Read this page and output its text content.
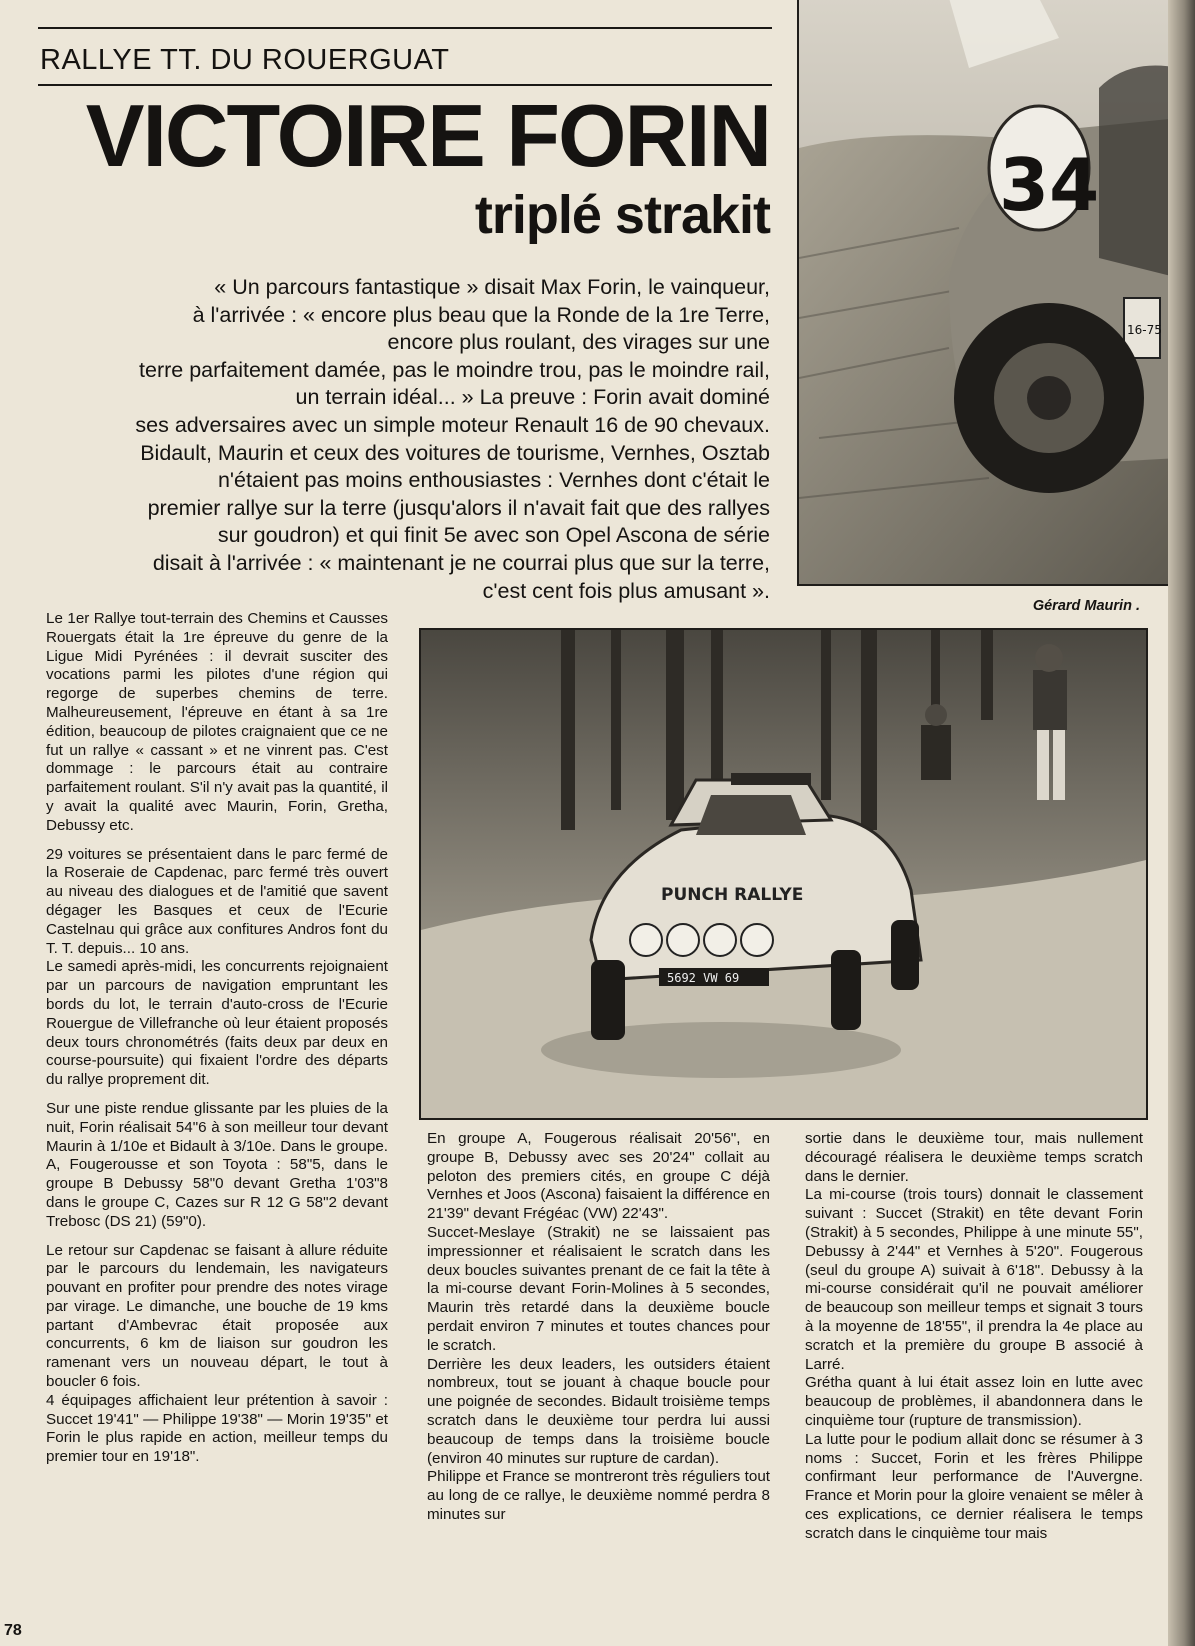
RALLYE TT. DU ROUERGUAT
VICTOIRE FORIN
triplé strakit
« Un parcours fantastique » disait Max Forin, le vainqueur,
à l'arrivée : « encore plus beau que la Ronde de la 1re Terre,
encore plus roulant, des virages sur une
terre parfaitement damée, pas le moindre trou, pas le moindre rail,
un terrain idéal... » La preuve : Forin avait dominé
ses adversaires avec un simple moteur Renault 16 de 90 chevaux.
Bidault, Maurin et ceux des voitures de tourisme, Vernhes, Osztab
n'étaient pas moins enthousiastes : Vernhes dont c'était le
premier rallye sur la terre (jusqu'alors il n'avait fait que des rallyes
sur goudron) et qui finit 5e avec son Opel Ascona de série
disait à l'arrivée : « maintenant je ne courrai plus que sur la terre,
c'est cent fois plus amusant ».
34
16-75
Gérard Maurin .
PUNCH RALLYE
5692 VW 69

Le 1er Rallye tout-terrain des Chemins et Causses Rouergats était la 1re épreuve du genre de la Ligue Midi Pyrénées : il devrait susciter des vocations parmi les pilotes d'une région qui regorge de superbes chemins de terre. Malheureusement, l'épreuve en étant à sa 1re édition, beaucoup de pilotes craignaient que ce ne fut un rallye « cassant » et ne vinrent pas. C'est dommage : le parcours était au contraire parfaitement roulant. S'il n'y avait pas la quantité, il y avait la qualité avec Maurin, Forin, Gretha, Debussy etc.

29 voitures se présentaient dans le parc fermé de la Roseraie de Capdenac, parc fermé très ouvert au niveau des dialogues et de l'amitié que savent dégager les Basques et ceux de l'Ecurie Castelnau qui grâce aux confitures Andros font du T. T. depuis... 10 ans.

Le samedi après-midi, les concurrents rejoignaient par un parcours de navigation empruntant les bords du lot, le terrain d'auto-cross de l'Ecurie Rouergue de Villefranche où leur étaient proposés deux tours chronométrés (faits deux par deux en course-poursuite) qui fixaient l'ordre des départs du rallye proprement dit.

Sur une piste rendue glissante par les pluies de la nuit, Forin réalisait 54"6 à son meilleur tour devant Maurin à 1/10e et Bidault à 3/10e. Dans le groupe. A, Fougerousse et son Toyota : 58"5, dans le groupe B Debussy 58"0 devant Gretha 1'03"8 dans le groupe C, Cazes sur R 12 G 58"2 devant Trebosc (DS 21) (59"0).

Le retour sur Capdenac se faisant à allure réduite par le parcours du lendemain, les navigateurs pouvant en profiter pour prendre des notes virage par virage. Le dimanche, une bouche de 19 kms partant d'Ambevrac était proposée aux concurrents, 6 km de liaison sur goudron les ramenant vers un nouveau départ, le tout à boucler 6 fois.

4 équipages affichaient leur prétention à savoir : Succet 19'41" — Philippe 19'38" — Morin 19'35" et Forin le plus rapide en action, meilleur temps du premier tour en 19'18".

En groupe A, Fougerous réalisait 20'56", en groupe B, Debussy avec ses 20'24" collait au peloton des premiers cités, en groupe C déjà Vernhes et Joos (Ascona) faisaient la différence en 21'39" devant Frégéac (VW) 22'43".

Succet-Meslaye (Strakit) ne se laissaient pas impressionner et réalisaient le scratch dans les deux boucles suivantes prenant de ce fait la tête à la mi-course devant Forin-Molines à 5 secondes, Maurin très retardé dans la deuxième boucle perdait environ 7 minutes et toutes chances pour le scratch.

Derrière les deux leaders, les outsiders étaient nombreux, tout se jouant à chaque boucle pour une poignée de secondes. Bidault troisième temps scratch dans le deuxième tour perdra lui aussi beaucoup de temps dans la troisième boucle (environ 40 minutes sur rupture de cardan).

Philippe et France se montreront très réguliers tout au long de ce rallye, le deuxième nommé perdra 8 minutes sur

sortie dans le deuxième tour, mais nullement découragé réalisera le deuxième temps scratch dans le dernier.

La mi-course (trois tours) donnait le classement suivant : Succet (Strakit) en tête devant Forin (Strakit) à 5 secondes, Philippe à une minute 55", Debussy à 2'44" et Vernhes à 5'20". Fougerous (seul du groupe A) suivait à 6'18". Debussy à la mi-course considérait qu'il ne pouvait améliorer de beaucoup son meilleur temps et signait 3 tours à la moyenne de 18'55", il prendra la 4e place au scratch et la première du groupe B associé à Larré.

Grétha quant à lui était assez loin en lutte avec beaucoup de problèmes, il abandonnera dans le cinquième tour (rupture de transmission).

La lutte pour le podium allait donc se résumer à 3 noms : Succet, Forin et les frères Philippe confirmant leur performance de l'Auvergne. France et Morin pour la gloire venaient se mêler à ces explications, ce dernier réalisera le temps scratch dans le cinquième tour mais

78
